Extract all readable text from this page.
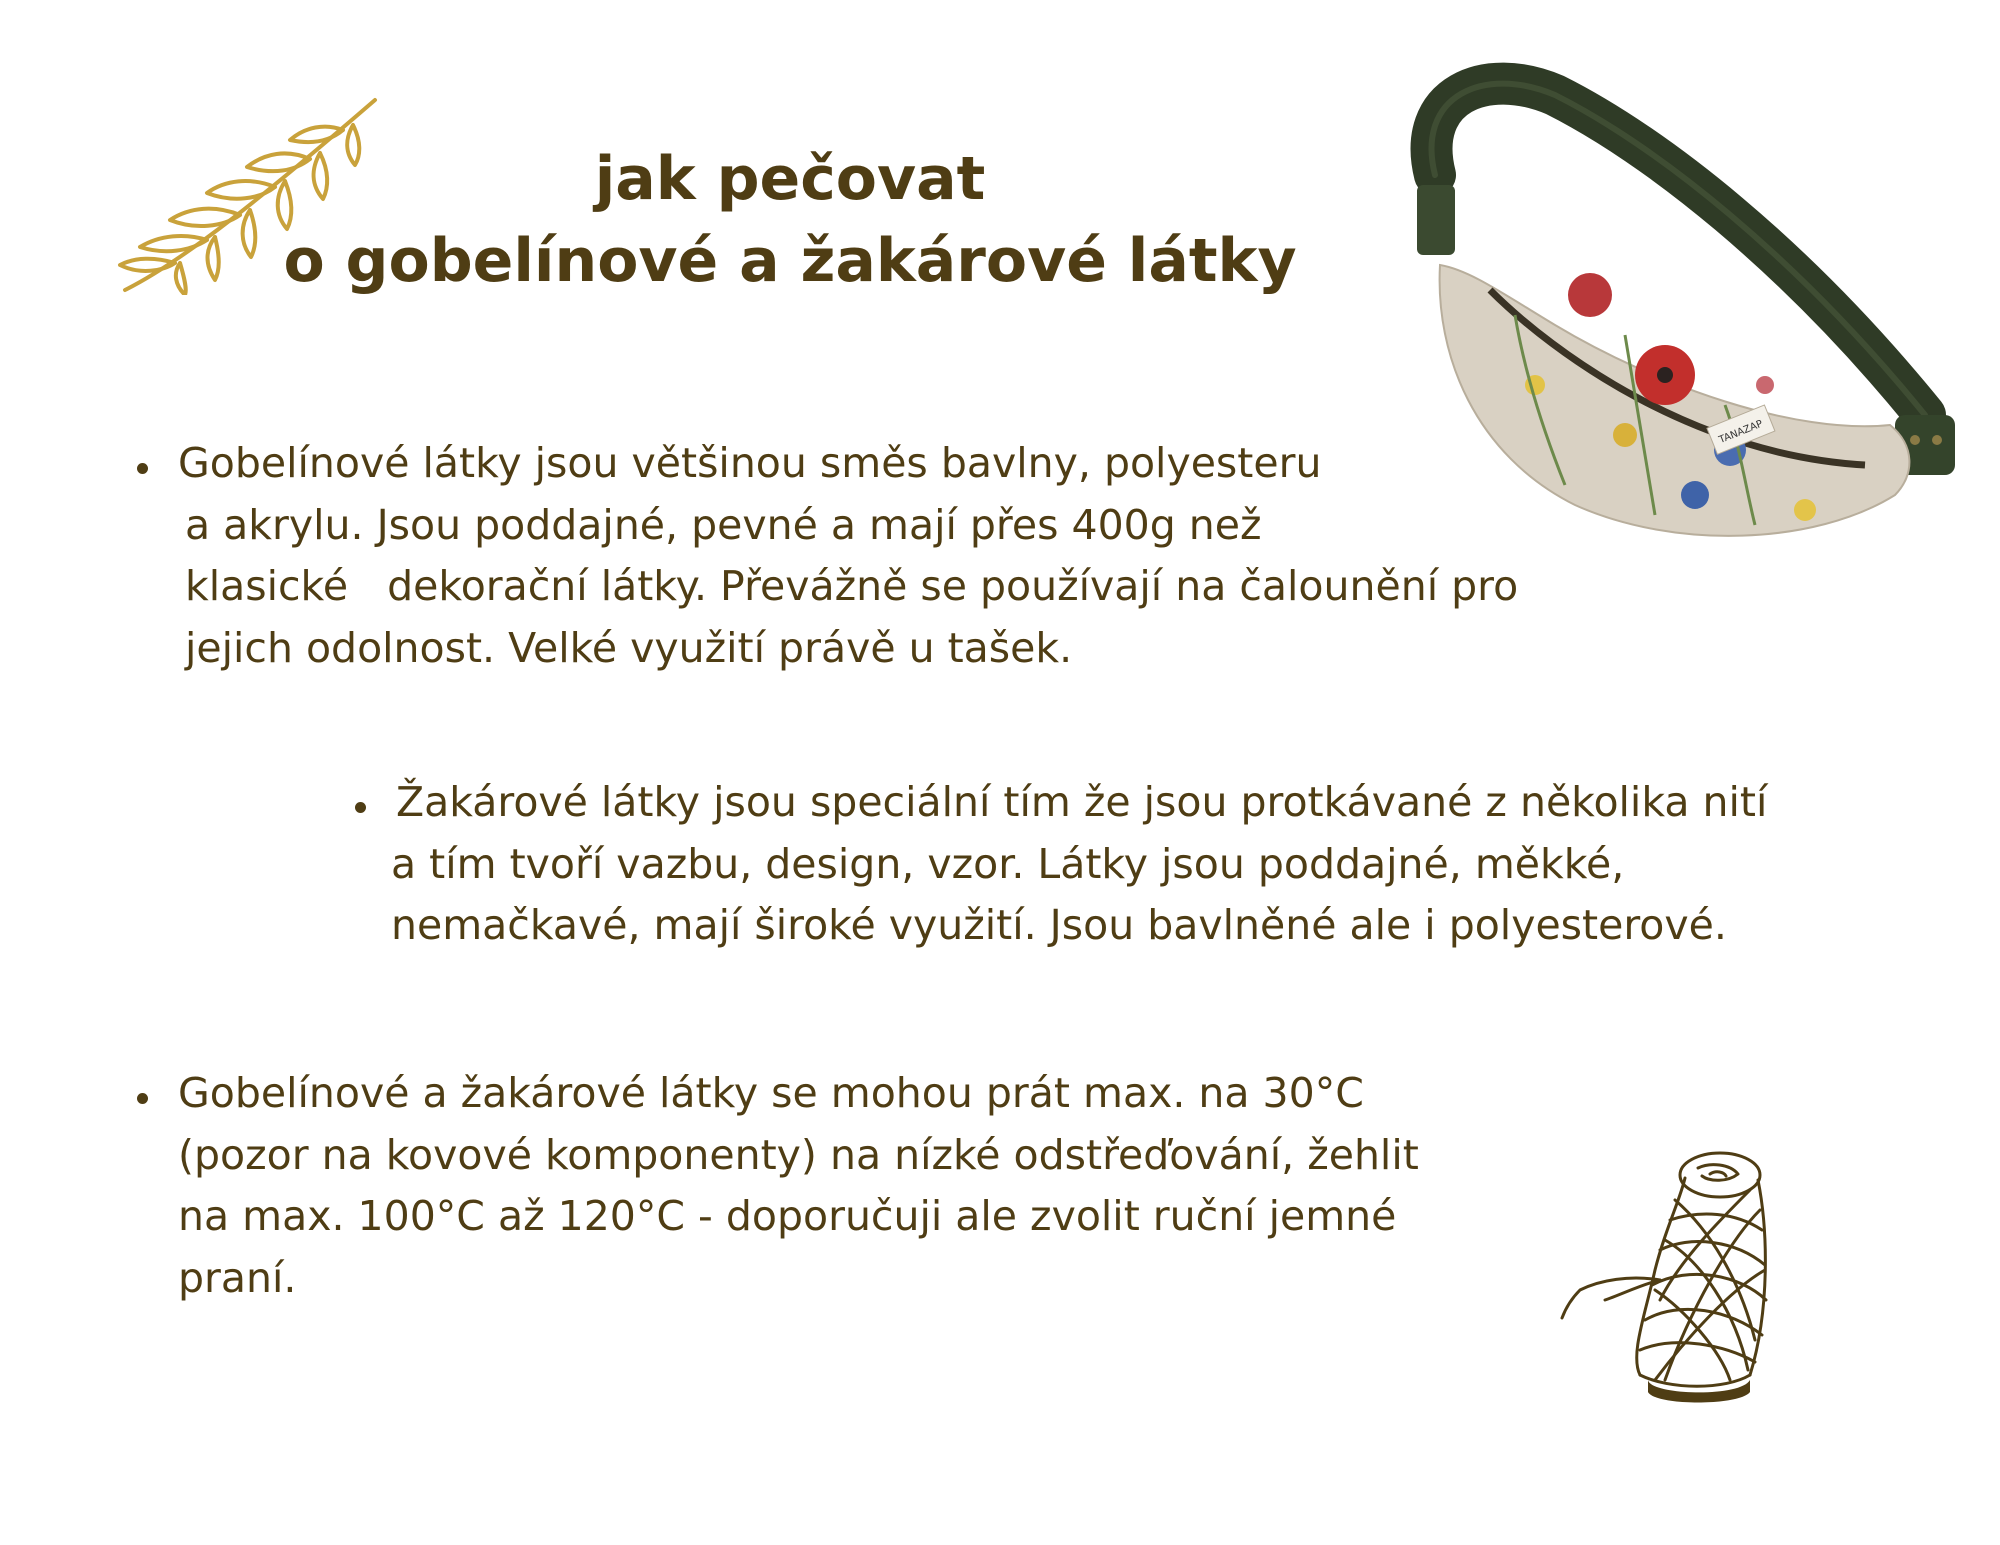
jak pečovat
o gobelínové a žakárové látky
TANAZAP
Gobelínové látky jsou většinou směs bavlny, polyesteru
a akrylu. Jsou poddajné, pevné a mají přes 400g než
klasické   dekorační látky. Převážně se používají na čalounění pro
jejich odolnost. Velké využití právě u tašek.
Žakárové látky jsou speciální tím že jsou protkávané z několika nití
a tím tvoří vazbu, design, vzor. Látky jsou poddajné, měkké,
nemačkavé, mají široké využití. Jsou bavlněné ale i polyesterové.
Gobelínové a žakárové látky se mohou prát max. na 30°C
(pozor na kovové komponenty) na nízké odstřeďování, žehlit
na max. 100°C až 120°C - doporučuji ale zvolit ruční jemné
praní.
